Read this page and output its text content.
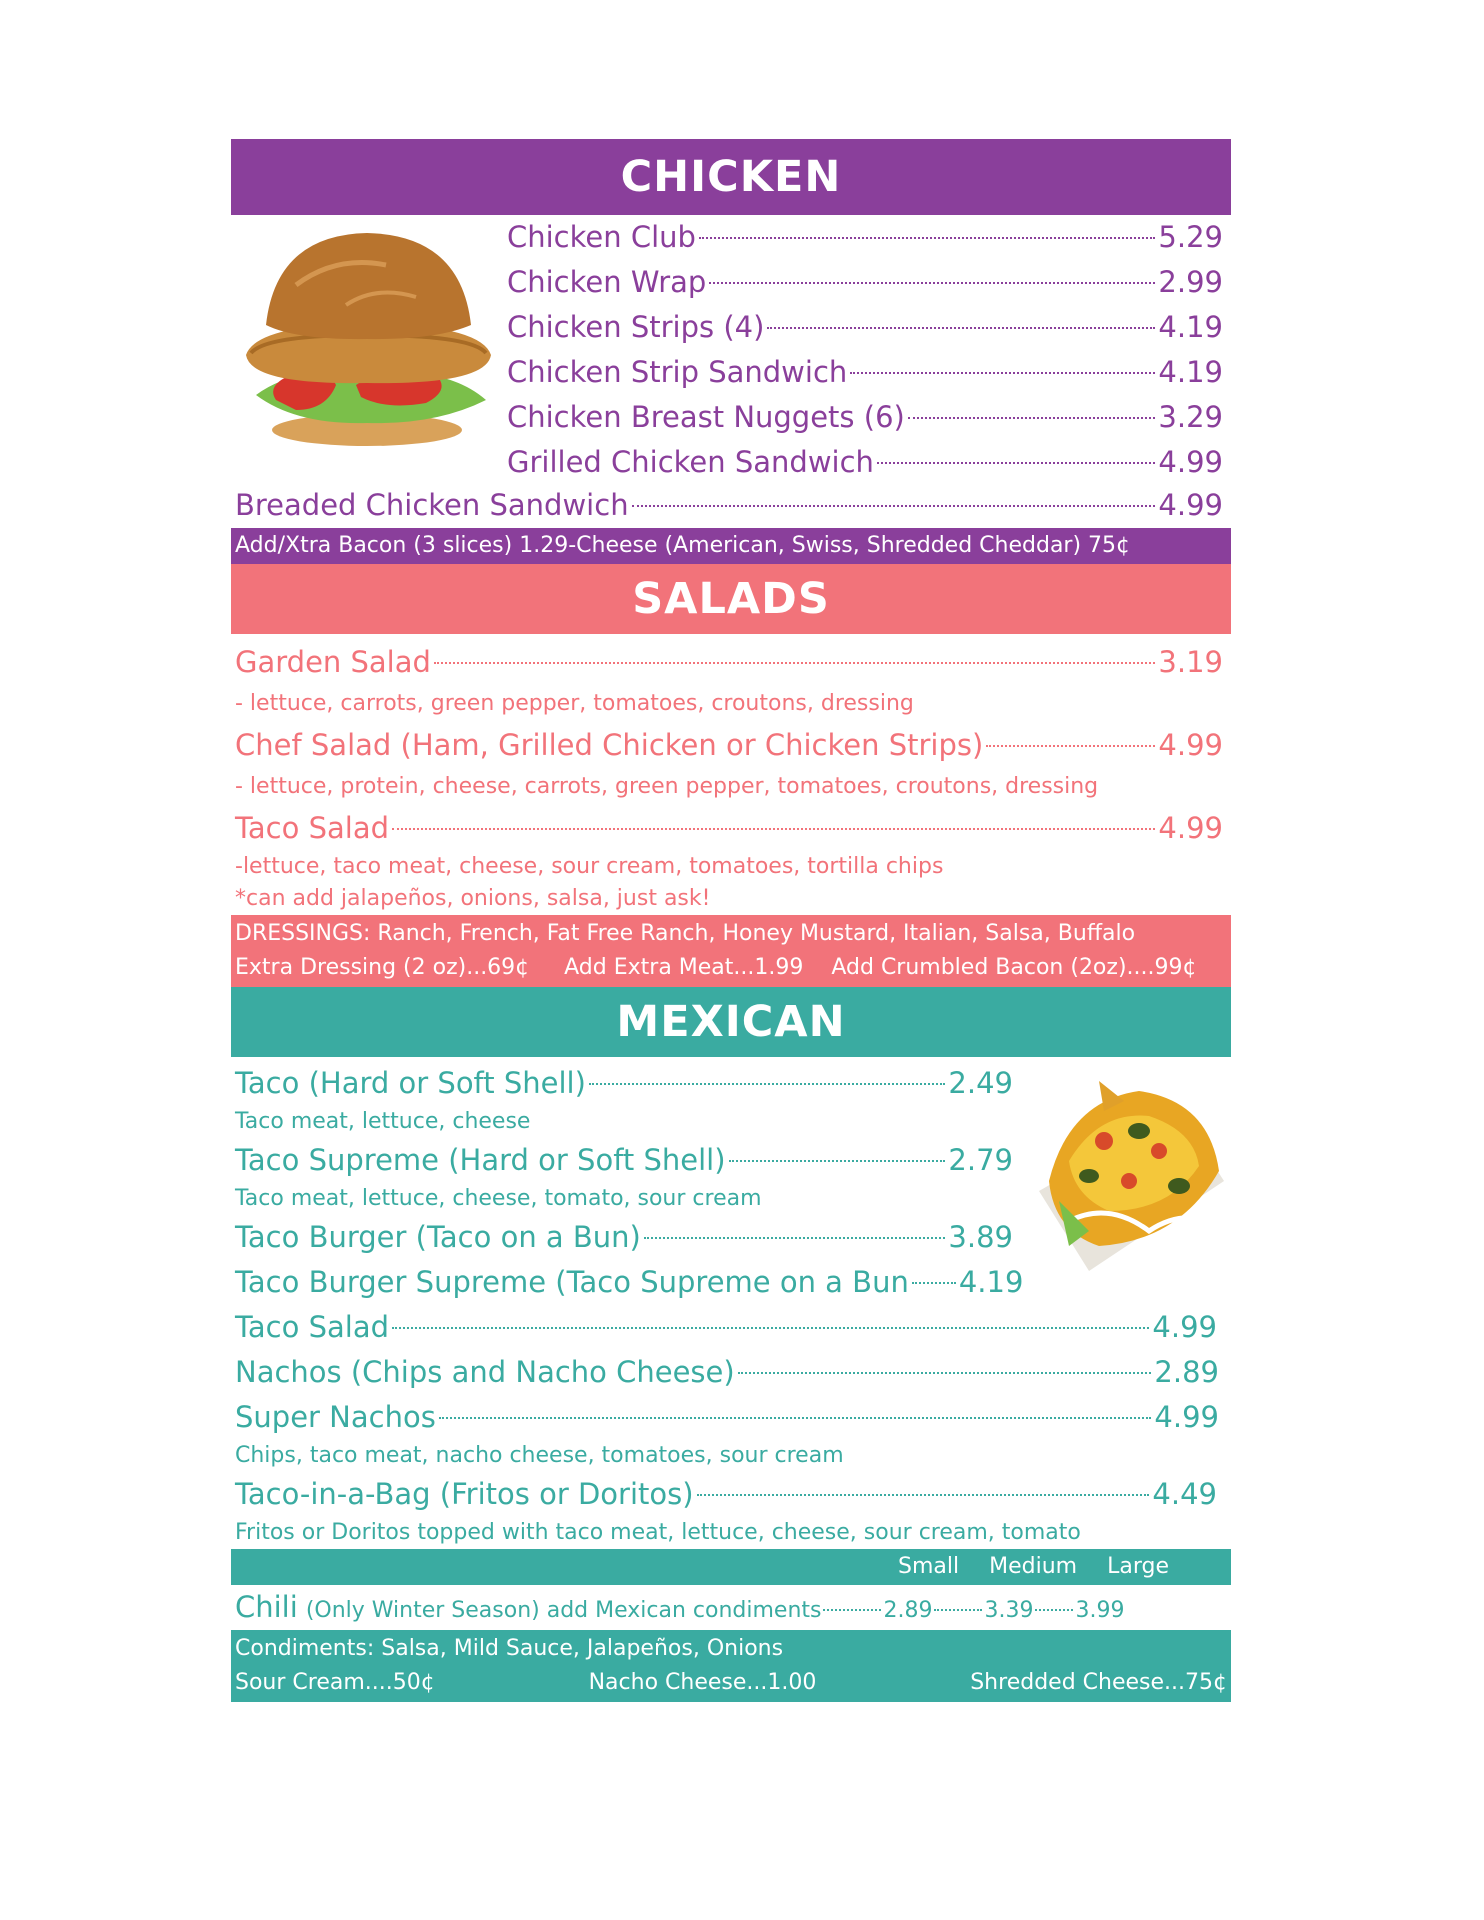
CHICKEN
Chicken Club	5.29
Chicken Wrap	2.99
Chicken Strips (4)	4.19
Chicken Strip Sandwich	4.19
Chicken Breast Nuggets (6)	3.29
Grilled Chicken Sandwich	4.99
Breaded Chicken Sandwich	4.99
Add/Xtra Bacon (3 slices) 1.29-Cheese (American, Swiss, Shredded Cheddar) 75¢
SALADS
Garden Salad	3.19
- lettuce, carrots, green pepper, tomatoes, croutons, dressing
Chef Salad (Ham, Grilled Chicken or Chicken Strips)	4.99
- lettuce, protein, cheese, carrots, green pepper, tomatoes, croutons, dressing
Taco Salad	4.99
-lettuce, taco meat, cheese, sour cream, tomatoes, tortilla chips
*can add jalapeños, onions, salsa, just ask!
DRESSINGS: Ranch, French, Fat Free Ranch, Honey Mustard, Italian, Salsa, Buffalo
Extra Dressing (2 oz)...69¢     Add Extra Meat...1.99    Add Crumbled Bacon (2oz)....99¢
MEXICAN
Taco (Hard or Soft Shell)	2.49
Taco meat, lettuce, cheese
Taco Supreme (Hard or Soft Shell)	2.79
Taco meat, lettuce, cheese, tomato, sour cream
Taco Burger (Taco on a Bun)	3.89
Taco Burger Supreme (Taco Supreme on a Bun 4.19
Taco Salad	4.99
Nachos (Chips and Nacho Cheese)	2.89
Super Nachos	4.99
Chips, taco meat, nacho cheese, tomatoes, sour cream
Taco-in-a-Bag (Fritos or Doritos)	4.49
Fritos or Doritos topped with taco meat, lettuce, cheese, sour cream, tomato
Small Medium Large
Chili (Only Winter Season) add Mexican condiments	2.89 3.39 3.99
Condiments: Salsa, Mild Sauce, Jalapeños, Onions
Sour Cream....50¢	Nacho Cheese...1.00	Shredded Cheese...75¢
